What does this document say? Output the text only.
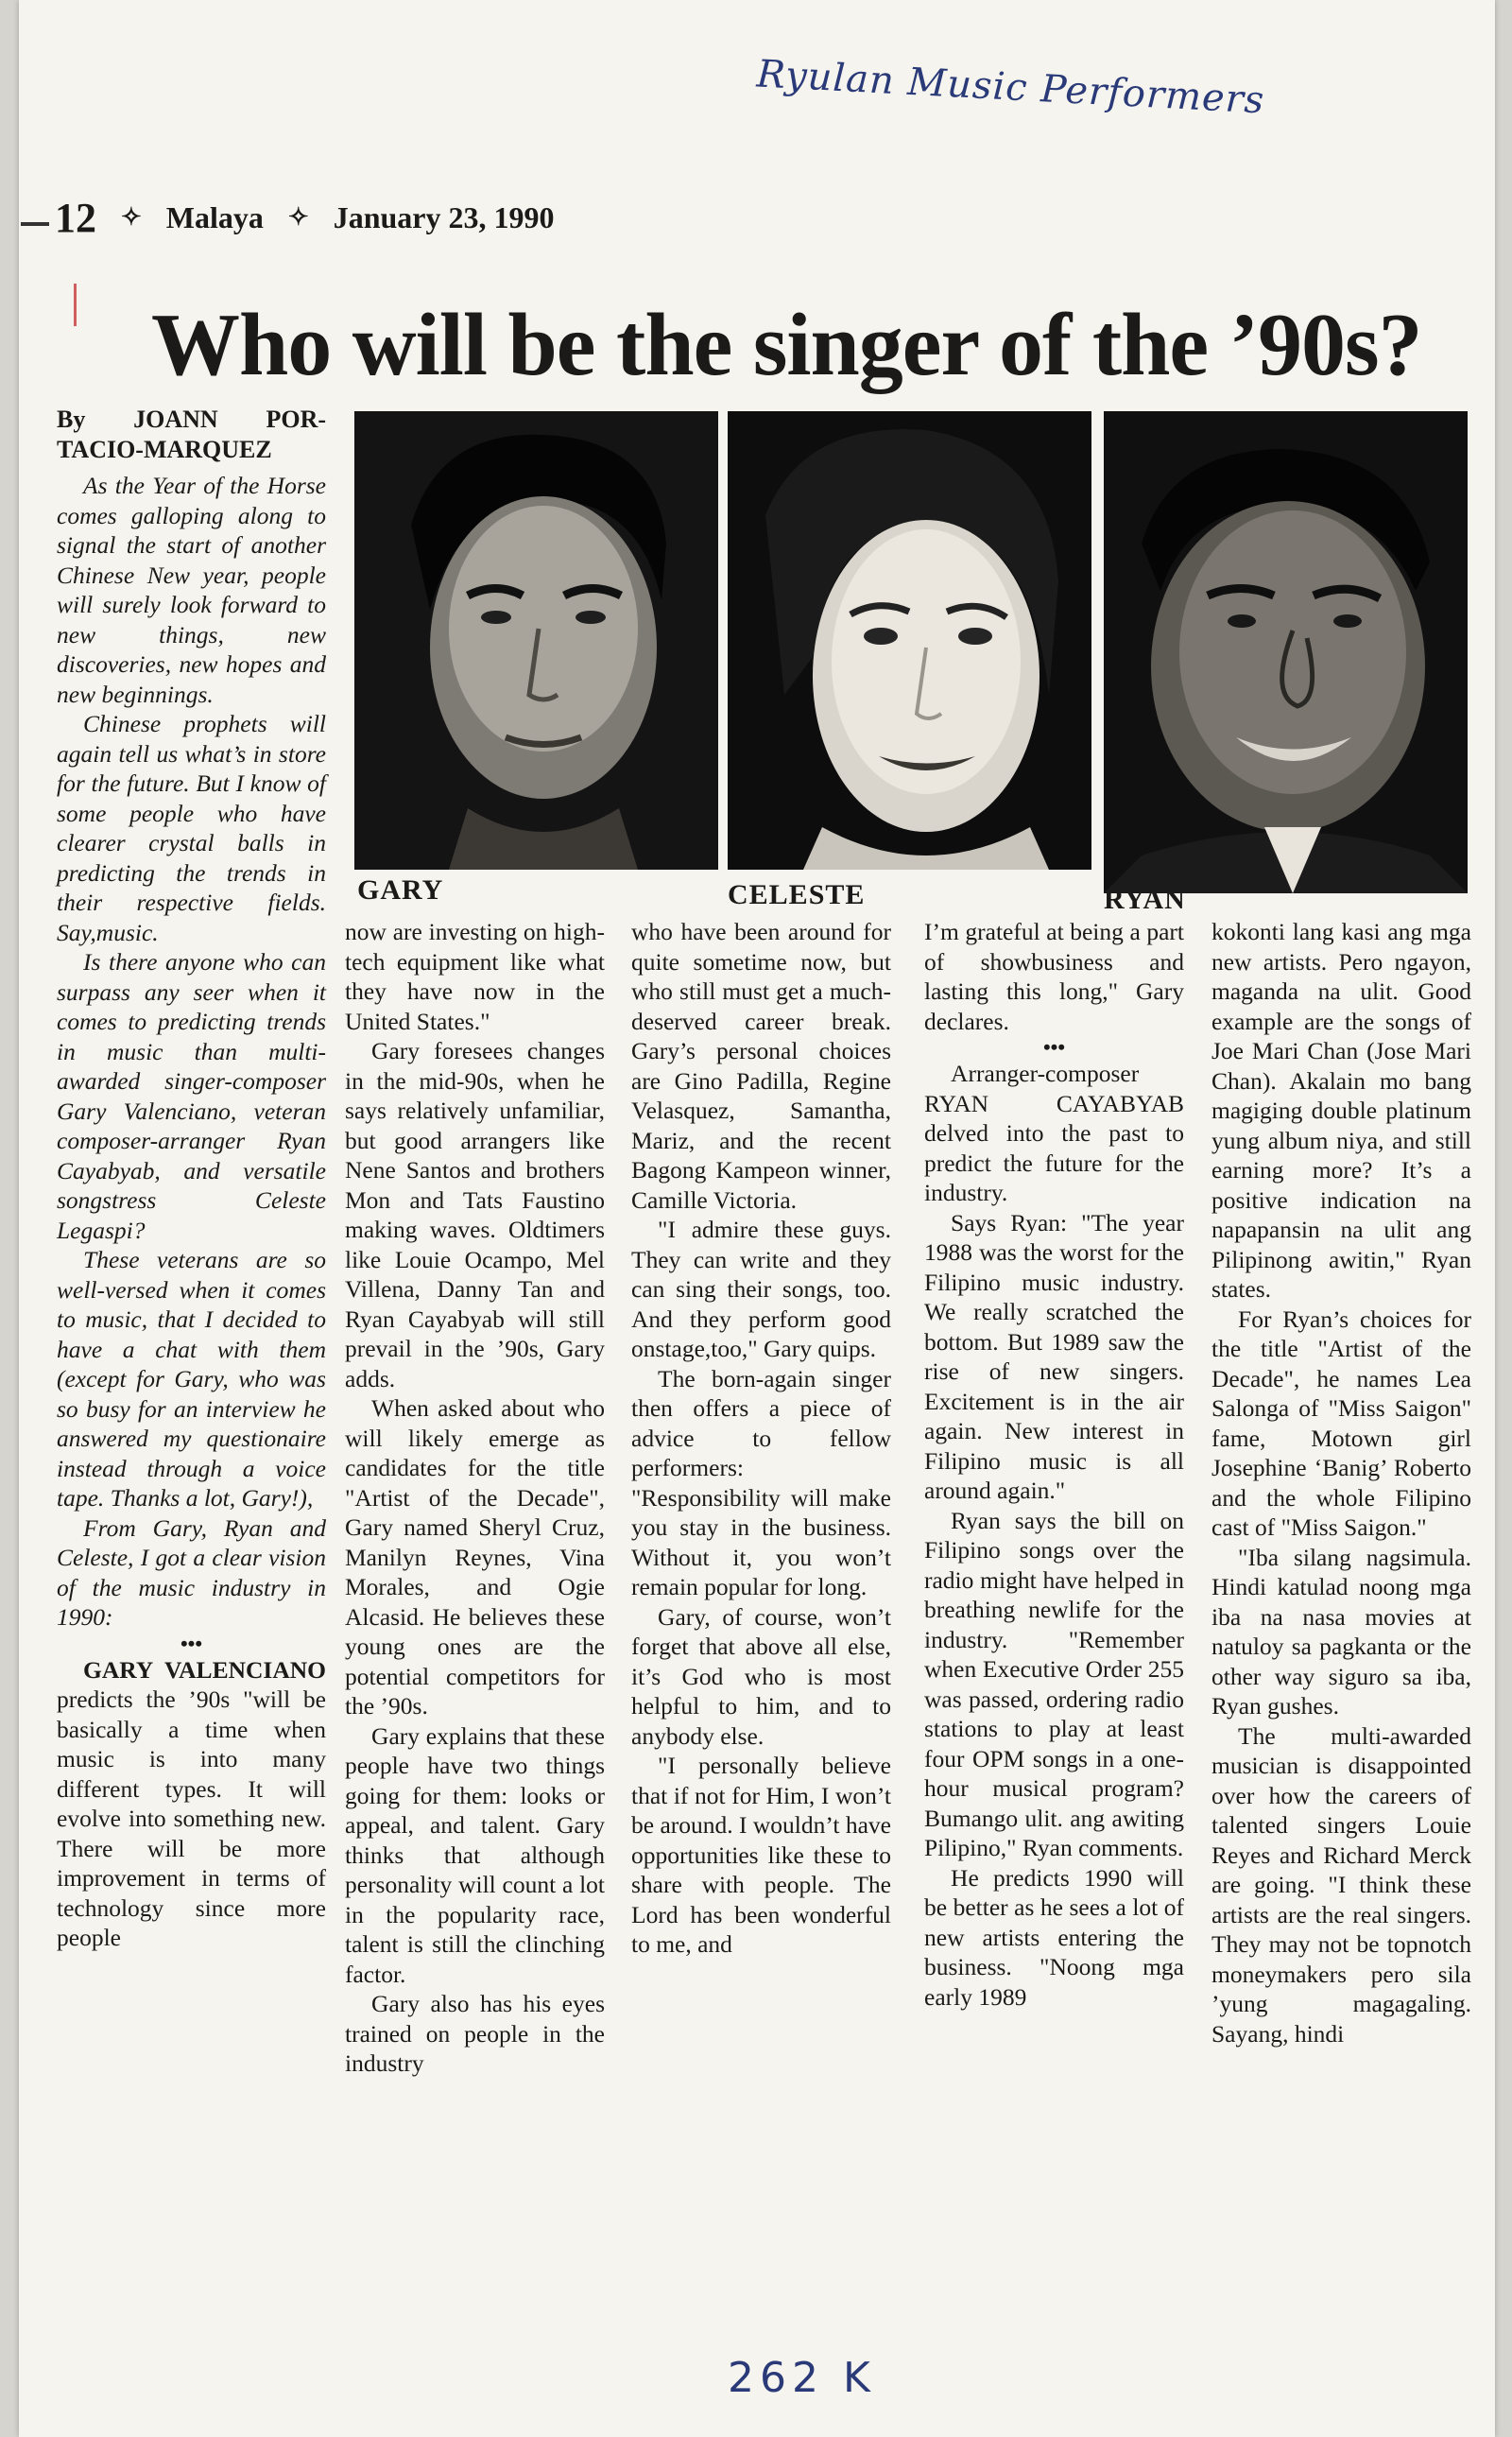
Ryulan Music Performers
12 ✧ Malaya ✧ January 23, 1990
Who will be the singer of the ’90s?
By JOANN POR-TACIO-MARQUEZ

As the Year of the Horse comes galloping along to signal the start of another Chinese New year, people will surely look forward to new things, new discoveries, new hopes and new beginnings.

Chinese prophets will again tell us what’s in store for the future. But I know of some people who have clearer crystal balls in predicting the trends in their respective fields. Say,music.

Is there anyone who can surpass any seer when it comes to predicting trends in music than multi-awarded singer-composer Gary Valenciano, veteran composer-arranger Ryan Cayabyab, and versatile songstress Celeste Legaspi?

These veterans are so well-versed when it comes to music, that I decided to have a chat with them (except for Gary, who was so busy for an interview he answered my questionaire instead through a voice tape. Thanks a lot, Gary!),

From Gary, Ryan and Celeste, I got a clear vision of the music industry in 1990:

•••

GARY VALENCIANO predicts the ’90s "will be basically a time when music is into many different types. It will evolve into something new. There will be more improvement in terms of technology since more people

GARY	CELESTE	RYAN

now are investing on high-tech equipment like what they have now in the United States."

Gary foresees changes in the mid-90s, when he says relatively unfamiliar, but good arrangers like Nene Santos and brothers Mon and Tats Faustino making waves. Oldtimers like Louie Ocampo, Mel Villena, Danny Tan and Ryan Cayabyab will still prevail in the ’90s, Gary adds.

When asked about who will likely emerge as candidates for the title "Artist of the Decade", Gary named Sheryl Cruz, Manilyn Reynes, Vina Morales, and Ogie Alcasid. He believes these young ones are the potential competitors for the ’90s.

Gary explains that these people have two things going for them: looks or appeal, and talent. Gary thinks that although personality will count a lot in the popularity race, talent is still the clinching factor.

Gary also has his eyes trained on people in the industry

who have been around for quite sometime now, but who still must get a much-deserved career break. Gary’s personal choices are Gino Padilla, Regine Velasquez, Samantha, Mariz, and the recent Bagong Kampeon winner, Camille Victoria.

"I admire these guys. They can write and they can sing their songs, too. And they perform good onstage,too," Gary quips.

The born-again singer then offers a piece of advice to fellow performers: "Responsibility will make you stay in the business. Without it, you won’t remain popular for long.

Gary, of course, won’t forget that above all else, it’s God who is most helpful to him, and to anybody else.

"I personally believe that if not for Him, I won’t be around. I wouldn’t have opportunities like these to share with people. The Lord has been wonderful to me, and

I’m grateful at being a part of showbusiness and lasting this long," Gary declares.

•••

Arranger-composer RYAN CAYABYAB delved into the past to predict the future for the industry.

Says Ryan: "The year 1988 was the worst for the Filipino music industry. We really scratched the bottom. But 1989 saw the rise of new singers. Excitement is in the air again. New interest in Filipino music is all around again."

Ryan says the bill on Filipino songs over the radio might have helped in breathing newlife for the industry. "Remember when Executive Order 255 was passed, ordering radio stations to play at least four OPM songs in a one-hour musical program? Bumango ulit. ang awiting Pilipino," Ryan comments.

He predicts 1990 will be better as he sees a lot of new artists entering the business. "Noong mga early 1989

kokonti lang kasi ang mga new artists. Pero ngayon, magandа na ulit. Good example are the songs of Joe Mari Chan (Jose Mari Chan). Akalain mo bang magiging double platinum yung album niya, and still earning more? It’s a positive indication na napapansin na ulit ang Pilipinong awitin," Ryan states.

For Ryan’s choices for the title "Artist of the Decade", he names Lea Salonga of "Miss Saigon" fame, Motown girl Josephine ‘Banig’ Roberto and the whole Filipino cast of "Miss Saigon."

"Iba silang nagsimula. Hindi katulad noong mga iba na nasa movies at natuloy sa pagkanta or the other way siguro sa iba, Ryan gushes.

The multi-awarded musician is disappointed over how the careers of talented singers Louie Reyes and Richard Merck are going. "I think these artists are the real singers. They may not be topnotch moneymakers pero sila ’yung magagaling. Sayang, hindi

262 K
